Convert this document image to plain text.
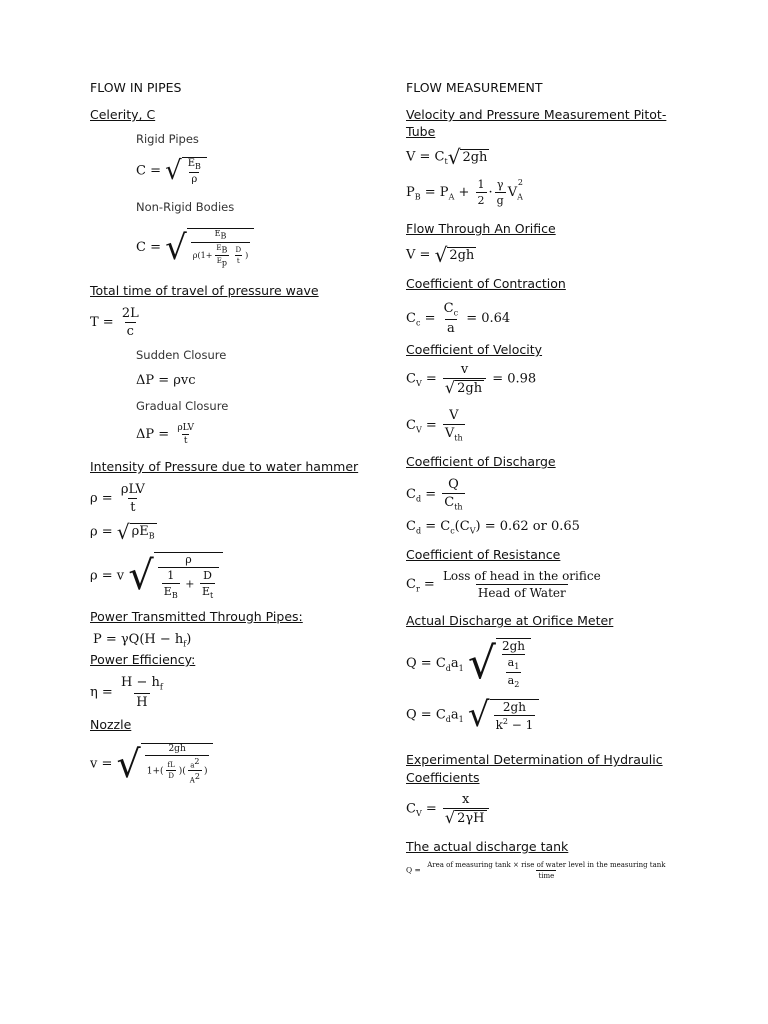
FLOW IN PIPES
Celerity, C
Rigid Pipes
C = √ $\frac{E_B}{\rho}$
Non-Rigid Bodies
C = √ $\frac{E_B}{\rho(1+ \frac{E_B}{E_p} \frac{D}{t} )}$
Total time of travel of pressure wave
$T = \frac{2L}{c}$
Sudden Closure
ΔP = ρvc
Gradual Closure
$\Delta P = \frac{\text{ρLV}}{t}$
Intensity of Pressure due to water hammer
$\rho = \frac{\text{ρLV}}{t}$
ρ = √ $\rho E_B$
ρ = v √ $\frac{\rho}{\frac{1}{E_B} + \frac{D}{E_t}}$
Power Transmitted Through Pipes:
$P = \gamma Q(H - h_f)$
Power Efficiency:
$\eta = \frac{H - h_f}{H}$
Nozzle
v = √ $\frac{2gh}{1+( \frac{fL}{D} )( \frac{a^2}{A^2} )}$
FLOW MEASUREMENT
Velocity and Pressure Measurement Pitot-
Tube
$V = C_t$ √ 2gh
$P_B = P_A + \frac{1}{2} \cdot \frac{\gamma}{g} V_A^2$
Flow Through An Orifice
V = √ 2gh
Coefficient of Contraction
$C_c = \frac{C_c}{a} = 0.64$
Coefficient of Velocity
$C_V = \frac{v}{√ 2gh} = 0.98$
$C_V = \frac{V}{V_{th}}$
Coefficient of Discharge
$C_d = \frac{Q}{C_{th}}$
$C_d = C_c(C_V) = 0.62$ or 0.65
Coefficient of Resistance
$C_r = \frac{\text{Loss of head in the orifice}}{\text{Head of Water}}$
Actual Discharge at Orifice Meter
$Q = C_da_1$ √ $\frac{2gh}{\frac{a_1}{a_2}}$
$Q = C_da_1$ √ $\frac{2gh}{k^2 - 1}$
Experimental Determination of Hydraulic
Coefficients
$C_V = \frac{x}{√ 2\gamma H}$
The actual discharge tank
Q =
Area of measuring tank × rise of water level in the measuring tank
time
